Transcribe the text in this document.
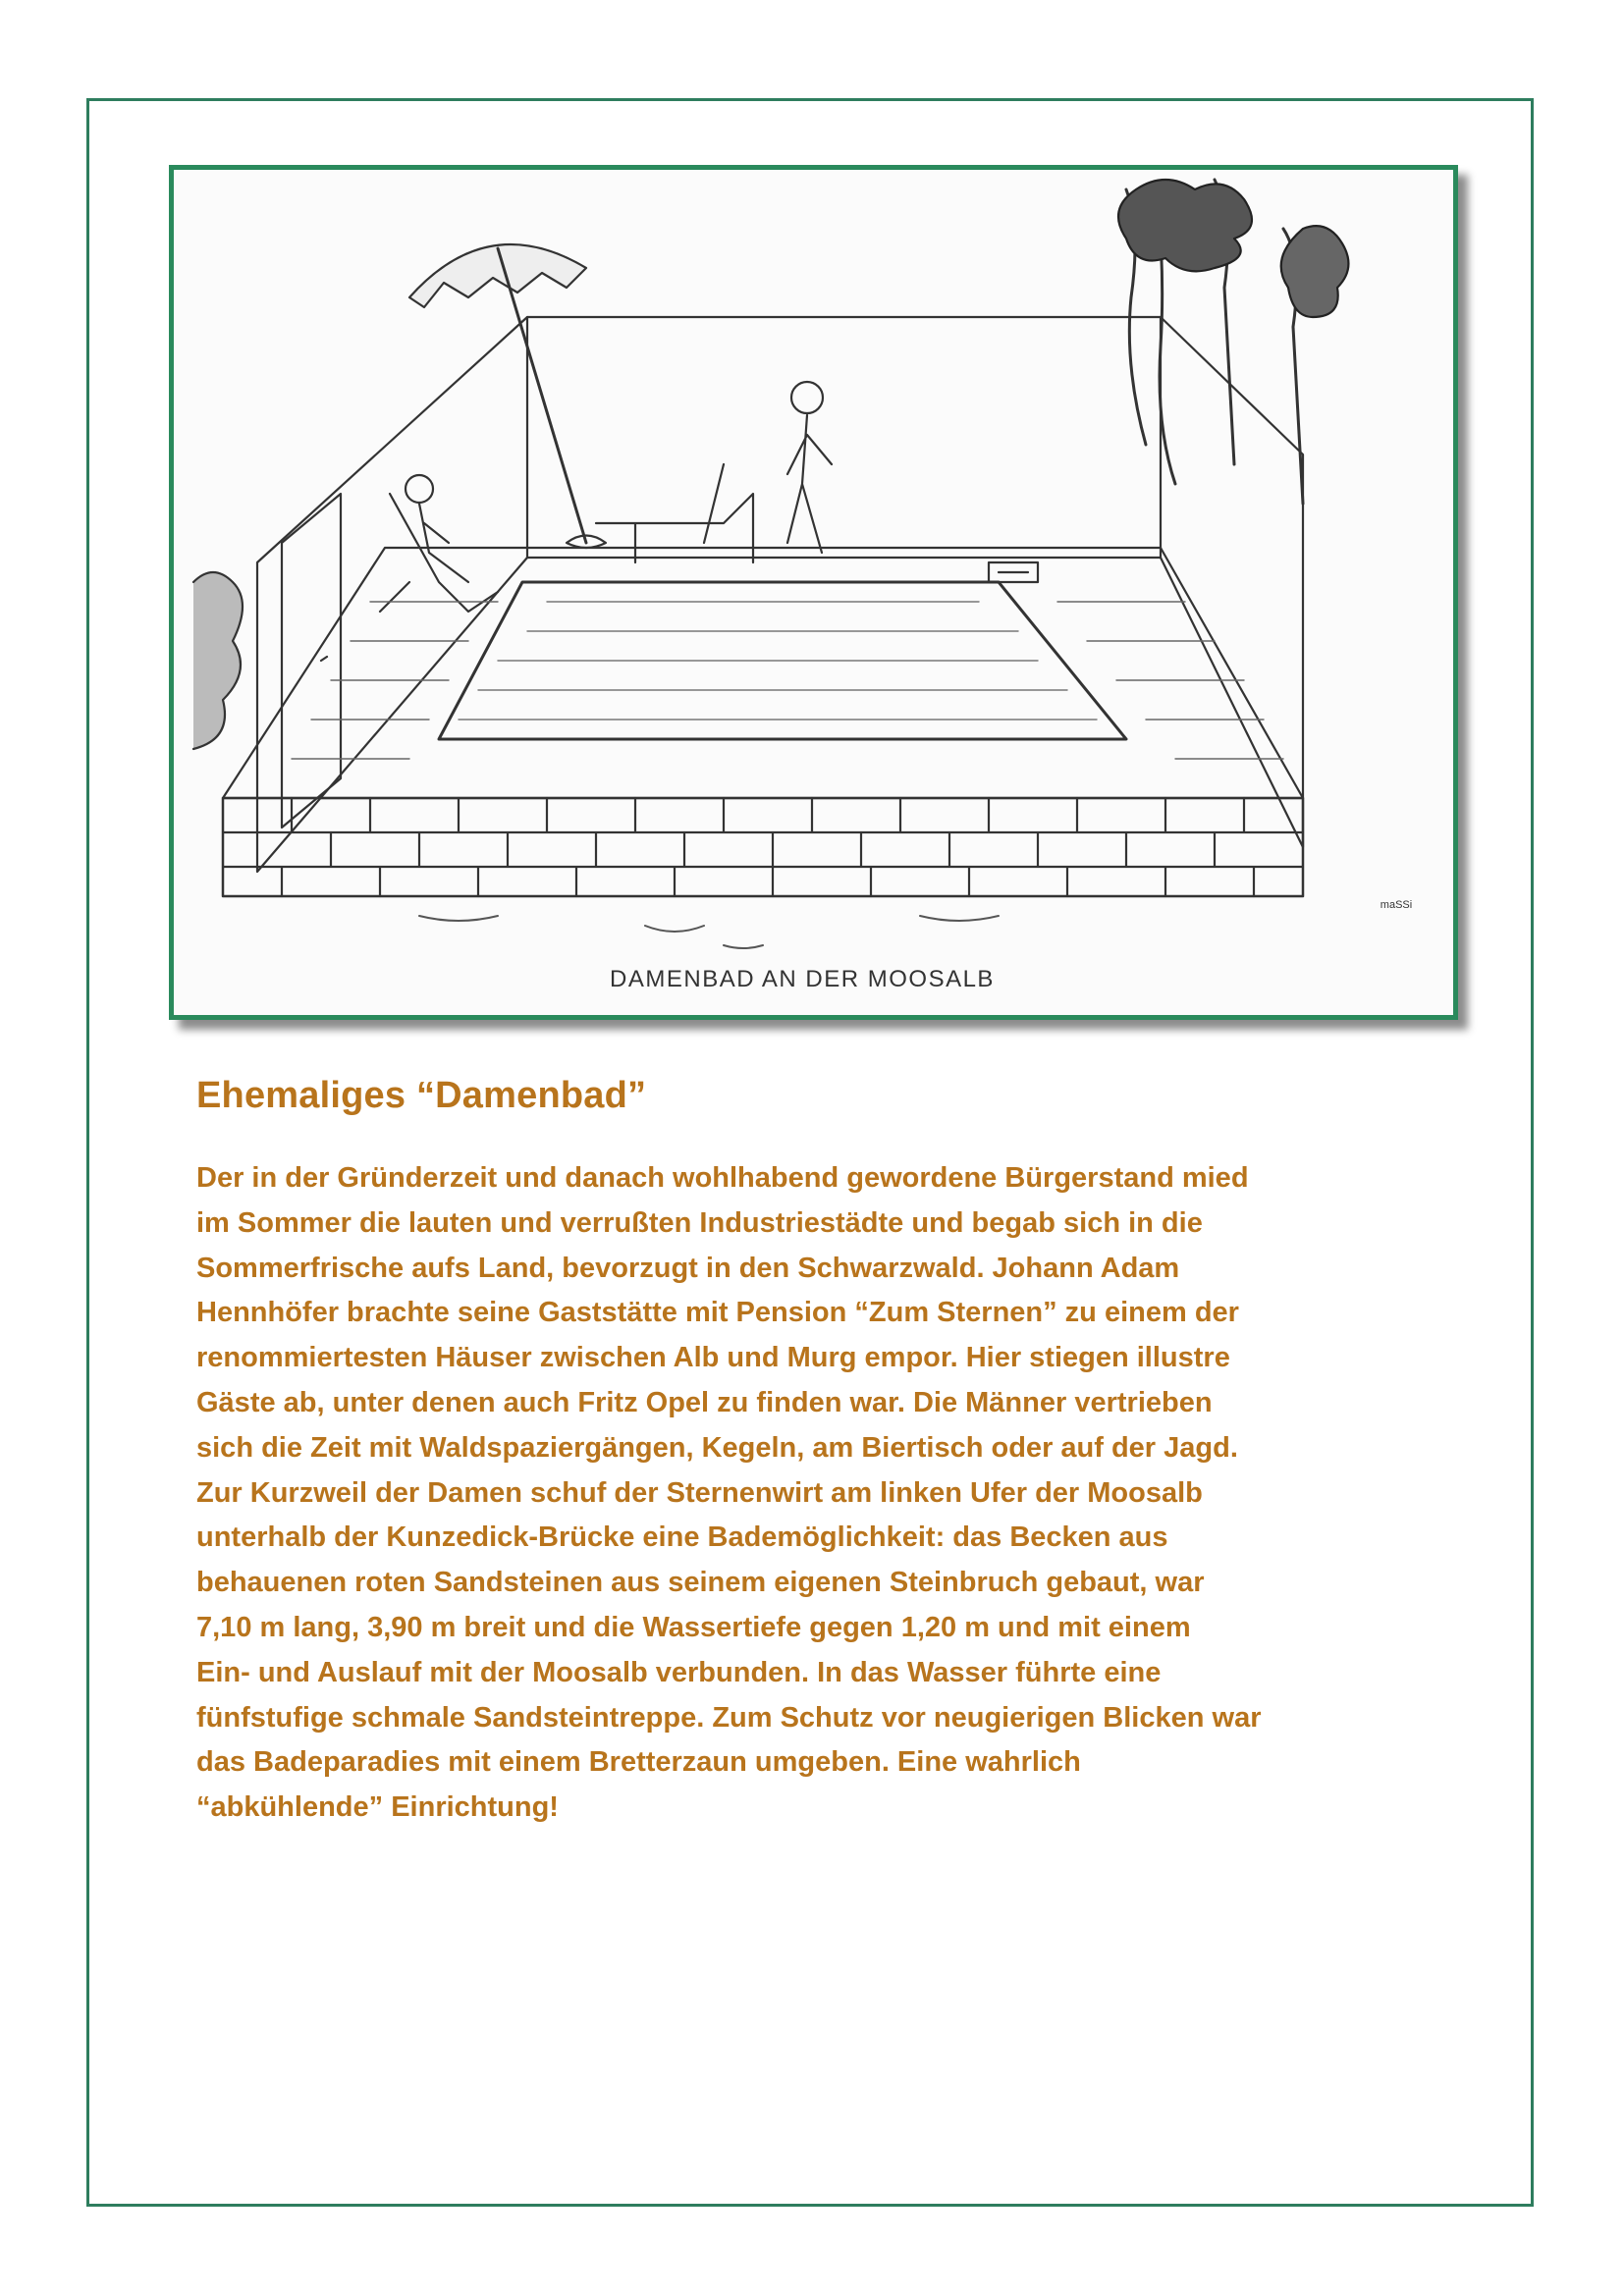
DAMENBAD AN DER MOOSALB
maSSi
Ehemaliges “Damenbad”

Der in der Gründerzeit und danach wohlhabend gewordene Bürgerstand mied
im Sommer die lauten und verrußten Industriestädte und begab sich in die
Sommerfrische aufs Land, bevorzugt in den Schwarzwald. Johann Adam
Hennhöfer brachte seine Gaststätte mit Pension “Zum Sternen” zu einem der
renommiertesten Häuser zwischen Alb und Murg empor. Hier stiegen illustre
Gäste ab, unter denen auch Fritz Opel zu finden war. Die Männer vertrieben
sich die Zeit mit Waldspaziergängen, Kegeln, am Biertisch oder auf der Jagd.
Zur Kurzweil der Damen schuf der Sternenwirt am linken Ufer der Moosalb
unterhalb der Kunzedick-Brücke eine Bademöglichkeit: das Becken aus
behauenen roten Sandsteinen aus seinem eigenen Steinbruch gebaut, war
7,10 m lang, 3,90 m breit und die Wassertiefe gegen 1,20 m und mit einem
Ein- und Auslauf mit der Moosalb verbunden. In das Wasser führte eine
fünfstufige schmale Sandsteintreppe. Zum Schutz vor neugierigen Blicken war
das Badeparadies mit einem Bretterzaun umgeben. Eine wahrlich
“abkühlende” Einrichtung!
